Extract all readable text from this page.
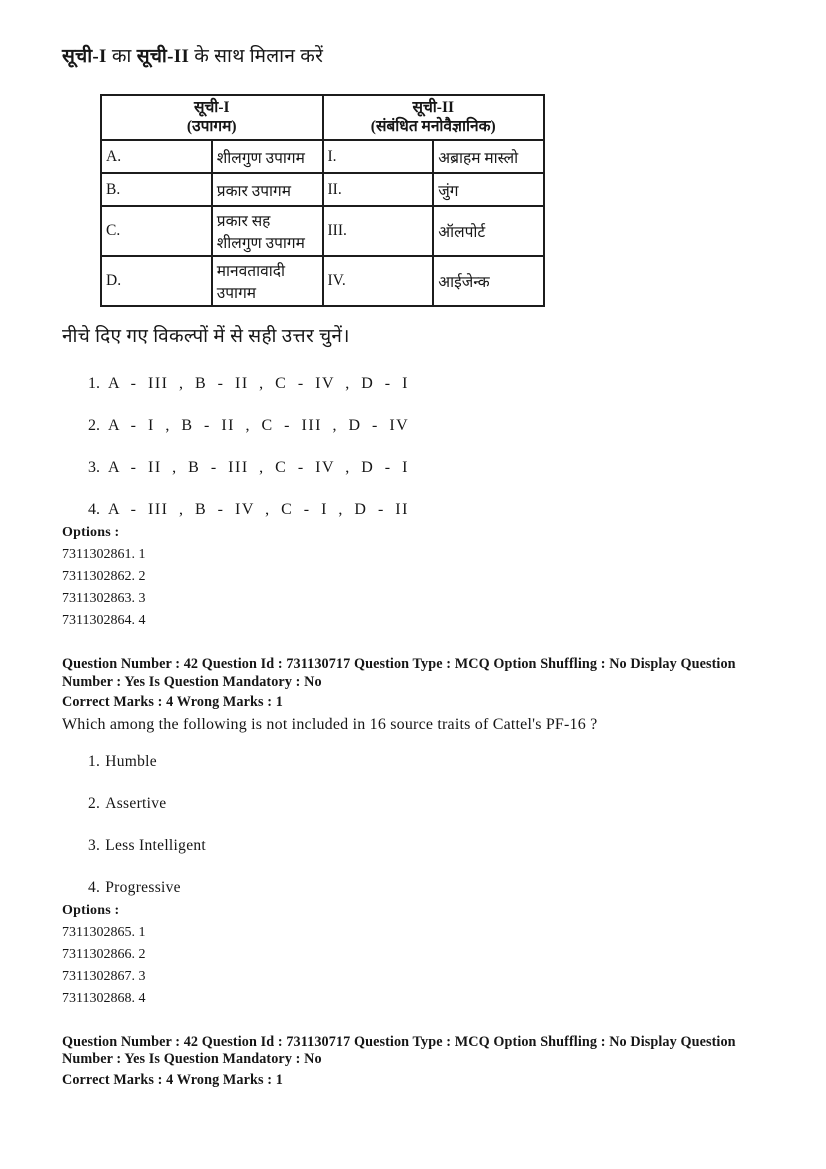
सूची-I का सूची-II के साथ मिलान करें
सूची-I
(उपागम)

सूची-II
(संबंधित मनोवैज्ञानिक)

A.	शीलगुण उपागम	I.	अब्राहम मास्लो
B.	प्रकार उपागम	II.	जुंग
C.	प्रकार सह शीलगुण उपागम	III.	ऑलपोर्ट
D.	मानवतावादी उपागम	IV.	आईजेन्क
नीचे दिए गए विकल्पों में से सही उत्तर चुनें।
1. A - III , B - II , C - IV , D - I
2. A - I , B - II , C - III , D - IV
3. A - II , B - III , C - IV , D - I
4. A - III , B - IV , C - I , D - II
Options :
7311302861. 1
7311302862. 2
7311302863. 3
7311302864. 4
Question Number : 42 Question Id : 731130717 Question Type : MCQ Option Shuffling : No Display Question Number : Yes Is Question Mandatory : No
Correct Marks : 4 Wrong Marks : 1
Which among the following is not included in 16 source traits of Cattel's PF-16 ?
1. Humble
2. Assertive
3. Less Intelligent
4. Progressive
Options :
7311302865. 1
7311302866. 2
7311302867. 3
7311302868. 4
Question Number : 42 Question Id : 731130717 Question Type : MCQ Option Shuffling : No Display Question Number : Yes Is Question Mandatory : No
Correct Marks : 4 Wrong Marks : 1
